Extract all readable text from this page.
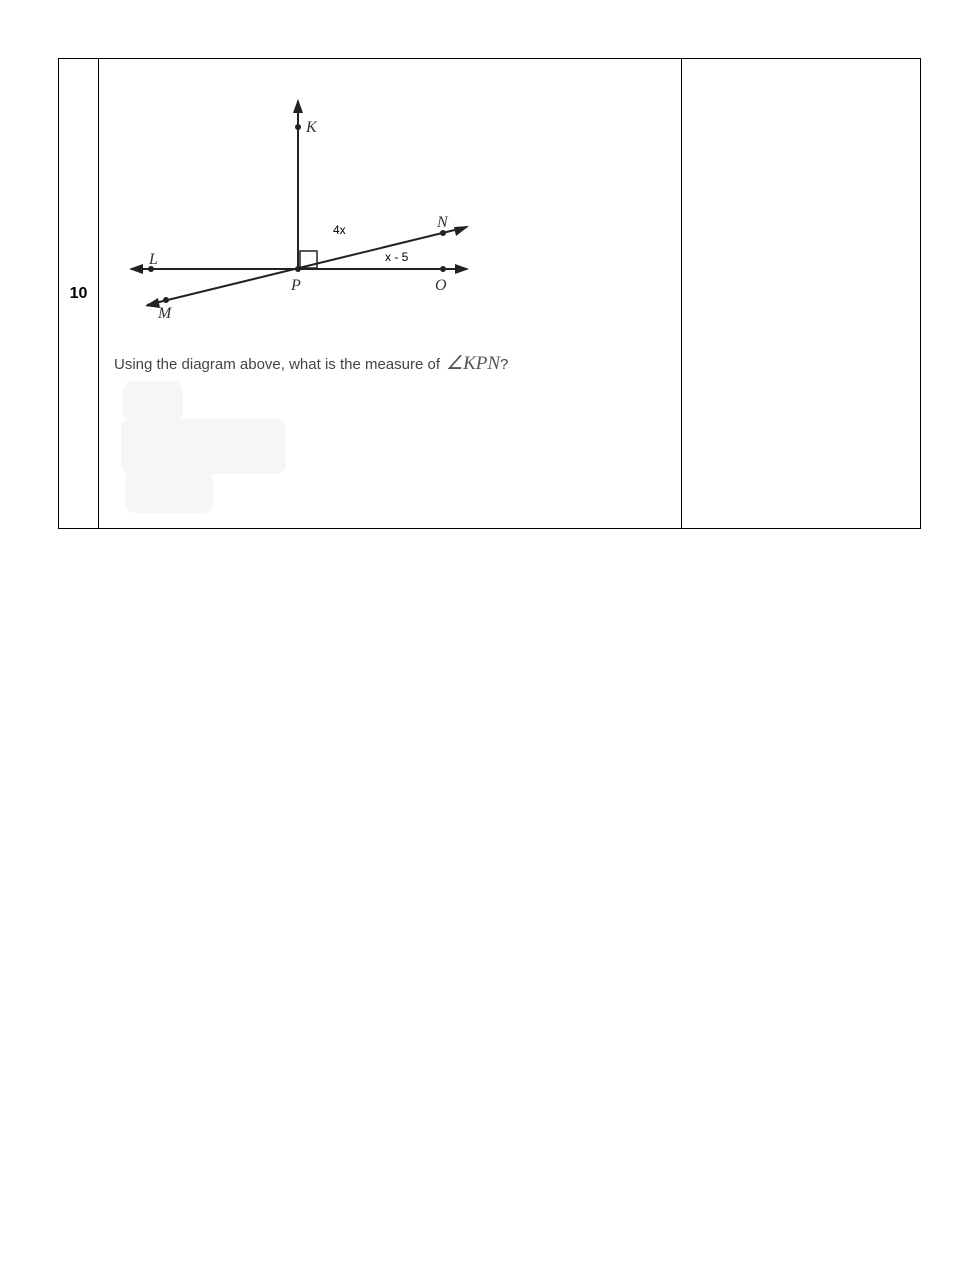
10
K
L
P	O
N
M
4x
x - 5
Using the diagram above, what is the measure of ∠KPN?
